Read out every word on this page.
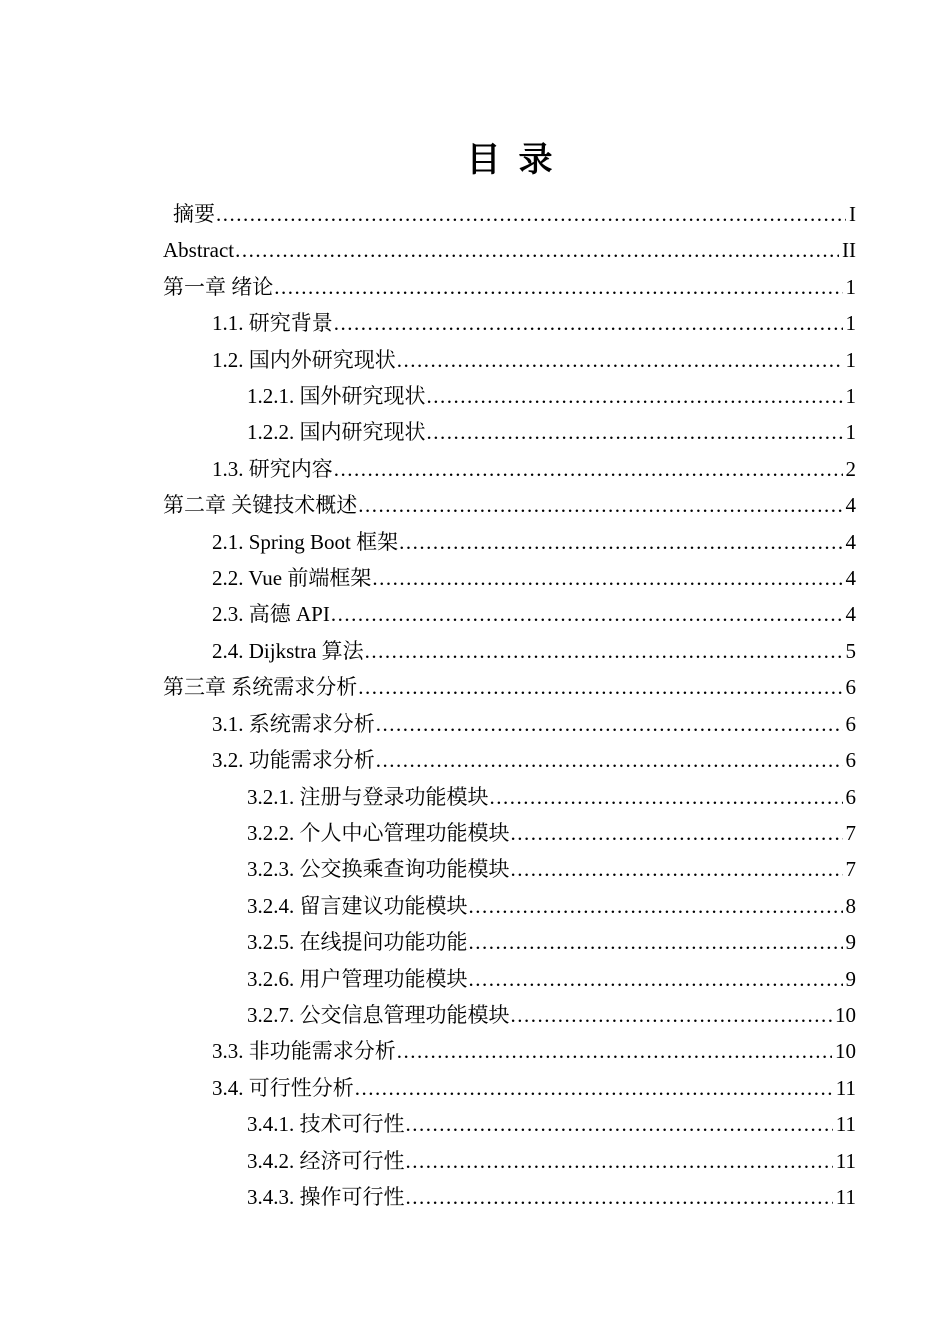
目录
摘要 .....	I
Abstract .....	II
第一章 绪论 .....	1
1.1. 研究背景 .....	1
1.2. 国内外研究现状 .....	1
1.2.1. 国外研究现状 .....	1
1.2.2. 国内研究现状 .....	1
1.3. 研究内容 .....	2
第二章 关键技术概述 .....	4
2.1. Spring Boot 框架 .....	4
2.2. Vue 前端框架 .....	4
2.3. 高德 API .....	4
2.4. Dijkstra 算法 .....	5
第三章 系统需求分析 .....	6
3.1. 系统需求分析 .....	6
3.2. 功能需求分析 .....	6
3.2.1. 注册与登录功能模块 .....	6
3.2.2. 个人中心管理功能模块 .....	7
3.2.3. 公交换乘查询功能模块 .....	7
3.2.4. 留言建议功能模块 .....	8
3.2.5. 在线提问功能功能 .....	9
3.2.6. 用户管理功能模块 .....	9
3.2.7. 公交信息管理功能模块 .....	10
3.3. 非功能需求分析 .....	10
3.4. 可行性分析 .....	11
3.4.1. 技术可行性 .....	11
3.4.2. 经济可行性 .....	11
3.4.3. 操作可行性 .....	11
